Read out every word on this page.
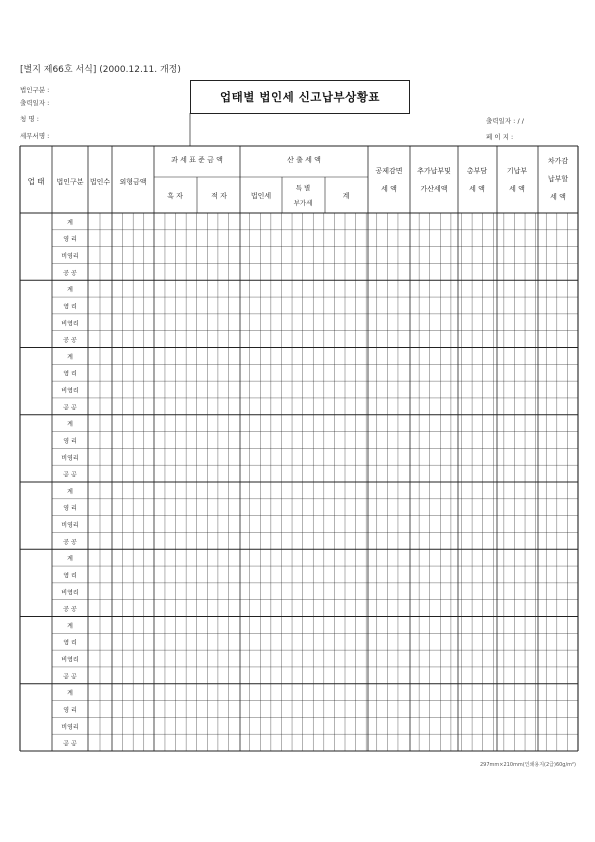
[별지 제66호 서식] (2000.12.11. 개정)
법인구분 :
출력일자 :
청 명 :
세무서명 :
업태별 법인세 신고납부상황표
출력일자 : / /
페 이 지 :
업 태 법인구분 법인수 외형금액
과 세 표 준 금 액
흑 자	적 자
산 출 세 액
법인세
특 별
부가세
계
공제감면
세 액
추가납부및
가산세액
총부담
세 액
기납부
세 액
차가감
납부할
세 액
계
영 리
비영리
공 공
계
영 리
비영리
공 공
계
영 리
비영리
공 공
계
영 리
비영리
공 공
계
영 리
비영리
공 공
계
영 리
비영리
공 공
계
영 리
비영리
공 공
계
영 리
비영리
공 공
297mm×210mm(인쇄용지(2급)60g/m²)
